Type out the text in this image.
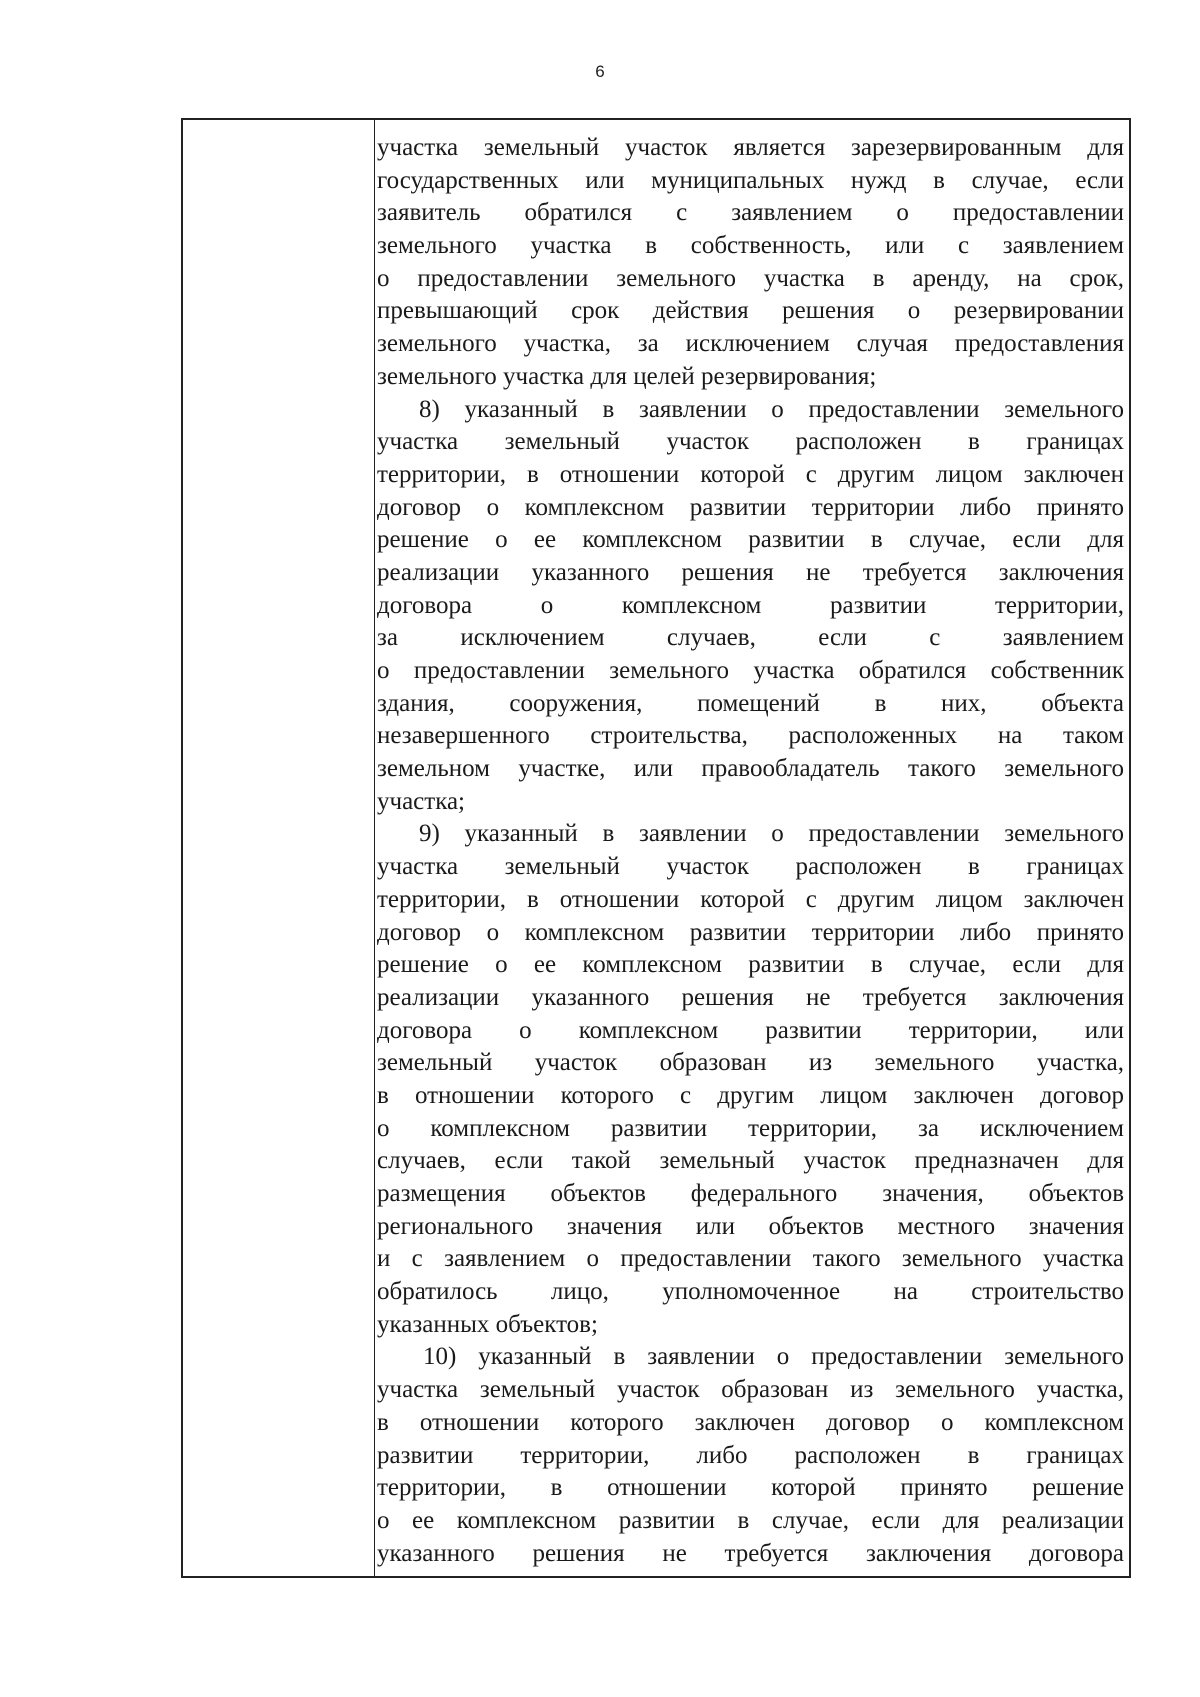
6
участка земельный участок является зарезервированным для
государственных или муниципальных нужд в случае, если
заявитель обратился с заявлением о предоставлении
земельного участка в собственность, или с заявлением
о предоставлении земельного участка в аренду, на срок,
превышающий срок действия решения о резервировании
земельного участка, за исключением случая предоставления
земельного участка для целей резервирования;
8) указанный в заявлении о предоставлении земельного
участка земельный участок расположен в границах
территории, в отношении которой с другим лицом заключен
договор о комплексном развитии территории либо принято
решение о ее комплексном развитии в случае, если для
реализации указанного решения не требуется заключения
договора о комплексном развитии территории,
за исключением случаев, если с заявлением
о предоставлении земельного участка обратился собственник
здания, сооружения, помещений в них, объекта
незавершенного строительства, расположенных на таком
земельном участке, или правообладатель такого земельного
участка;
9) указанный в заявлении о предоставлении земельного
участка земельный участок расположен в границах
территории, в отношении которой с другим лицом заключен
договор о комплексном развитии территории либо принято
решение о ее комплексном развитии в случае, если для
реализации указанного решения не требуется заключения
договора о комплексном развитии территории, или
земельный участок образован из земельного участка,
в отношении которого с другим лицом заключен договор
о комплексном развитии территории, за исключением
случаев, если такой земельный участок предназначен для
размещения объектов федерального значения, объектов
регионального значения или объектов местного значения
и с заявлением о предоставлении такого земельного участка
обратилось лицо, уполномоченное на строительство
указанных объектов;
10) указанный в заявлении о предоставлении земельного
участка земельный участок образован из земельного участка,
в отношении которого заключен договор о комплексном
развитии территории, либо расположен в границах
территории, в отношении которой принято решение
о ее комплексном развитии в случае, если для реализации
указанного решения не требуется заключения договора
